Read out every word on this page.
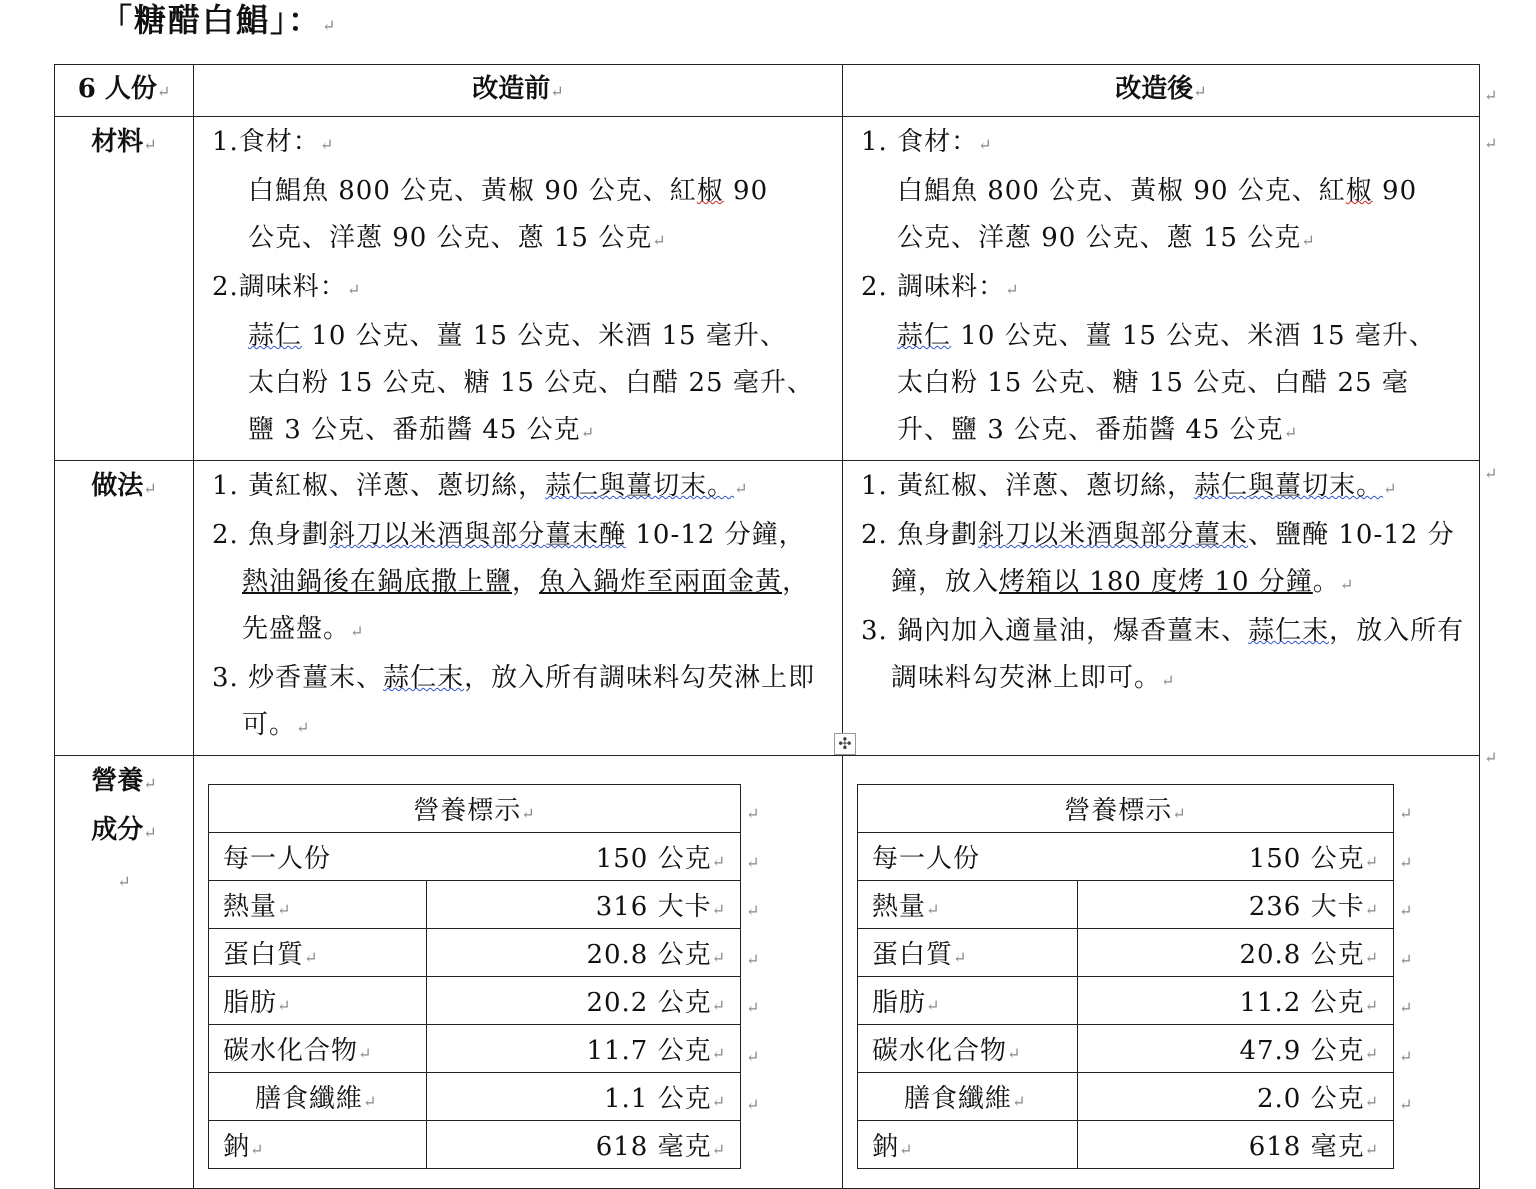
「糖醋白鯧」：↵
6 人份↵	改造前↵	改造後↵
材料↵	1.食材：↵
白鯧魚 800 公克、黃椒 90 公克、紅椒 90
公克、洋蔥 90 公克、蔥 15 公克↵
2.調味料：↵
蒜仁 10 公克、薑 15 公克、米酒 15 毫升、
太白粉 15 公克、糖 15 公克、白醋 25 毫升、
鹽 3 公克、番茄醬 45 公克↵

1. 食材：↵
白鯧魚 800 公克、黃椒 90 公克、紅椒 90
公克、洋蔥 90 公克、蔥 15 公克↵
2. 調味料：↵
蒜仁 10 公克、薑 15 公克、米酒 15 毫升、
太白粉 15 公克、糖 15 公克、白醋 25 毫
升、鹽 3 公克、番茄醬 45 公克↵

做法↵	1. 黃紅椒、洋蔥、蔥切絲，蒜仁與薑切末。↵
2. 魚身劃斜刀以米酒與部分薑末醃 10-12 分鐘，熱油鍋後在鍋底撒上鹽，魚入鍋炸至兩面金黃，先盛盤。↵
3. 炒香薑末、蒜仁末，放入所有調味料勾芡淋上即可。↵

1. 黃紅椒、洋蔥、蔥切絲，蒜仁與薑切末。↵
2. 魚身劃斜刀以米酒與部分薑末、鹽醃 10-12 分鐘，放入烤箱以 180 度烤 10 分鐘。↵
3. 鍋內加入適量油，爆香薑末、蒜仁末，放入所有調味料勾芡淋上即可。↵

營養↵
成分↵
↵

營養標示↵
每一人份	150 公克↵

熱量↵	316 大卡↵
蛋白質↵	20.8 公克↵
脂肪↵	20.2 公克↵
碳水化合物↵	11.7 公克↵
膳食纖維↵	1.1 公克↵
鈉↵	618 毫克↵
↵
↵
↵
↵
↵
↵
↵

營養標示↵
每一人份	150 公克↵

熱量↵	236 大卡↵
蛋白質↵	20.8 公克↵
脂肪↵	11.2 公克↵
碳水化合物↵	47.9 公克↵
膳食纖維↵	2.0 公克↵
鈉↵	618 毫克↵
↵
↵
↵
↵
↵
↵
↵
↵
↵
↵
↵
✣
